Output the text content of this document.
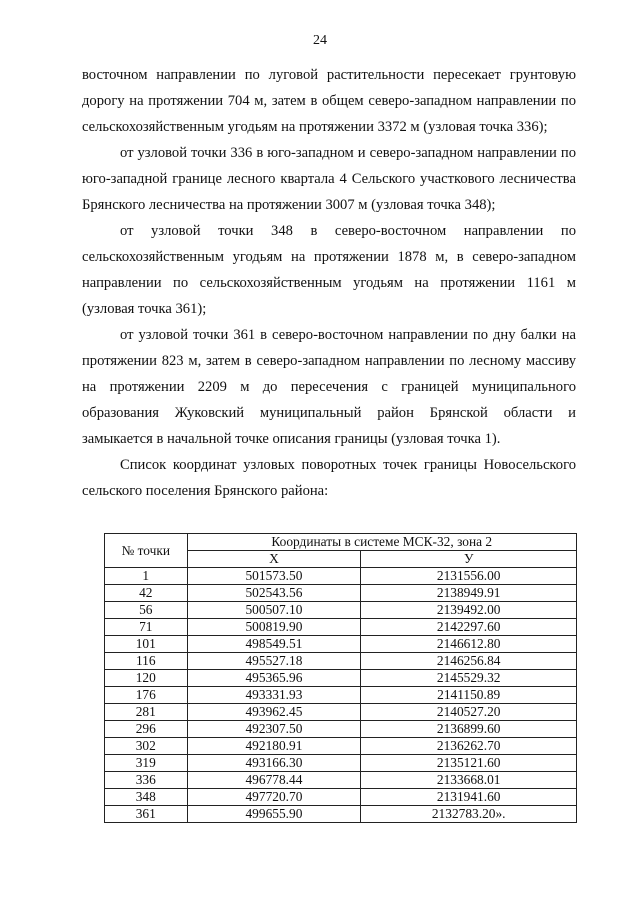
24

восточном направлении по луговой растительности пересекает грунтовую дорогу на протяжении 704 м, затем в общем северо-западном направлении по сельскохозяйственным угодьям на протяжении 3372 м (узловая точка 336);

от узловой точки 336 в юго-западном и северо-западном направлении по юго-западной границе лесного квартала 4 Сельского участкового лесничества Брянского лесничества на протяжении 3007 м (узловая точка 348);

от узловой точки 348 в северо-восточном направлении по сельскохозяйственным угодьям на протяжении 1878 м, в северо-западном направлении по сельскохозяйственным угодьям на протяжении 1161 м (узловая точка 361);

от узловой точки 361 в северо-восточном направлении по дну балки на протяжении 823 м, затем в северо-западном направлении по лесному массиву на протяжении 2209 м до пересечения с границей муниципального образования Жуковский муниципальный район Брянской области и замыкается в начальной точке описания границы (узловая точка 1).

Список координат узловых поворотных точек границы Новосельского сельского поселения Брянского района:

№ точки	Координаты в системе МСК-32, зона 2	
	X	У
1	501573.50	2131556.00
42	502543.56	2138949.91
56	500507.10	2139492.00
71	500819.90	2142297.60
101	498549.51	2146612.80
116	495527.18	2146256.84
120	495365.96	2145529.32
176	493331.93	2141150.89
281	493962.45	2140527.20
296	492307.50	2136899.60
302	492180.91	2136262.70
319	493166.30	2135121.60
336	496778.44	2133668.01
348	497720.70	2131941.60
361	499655.90	2132783.20».
